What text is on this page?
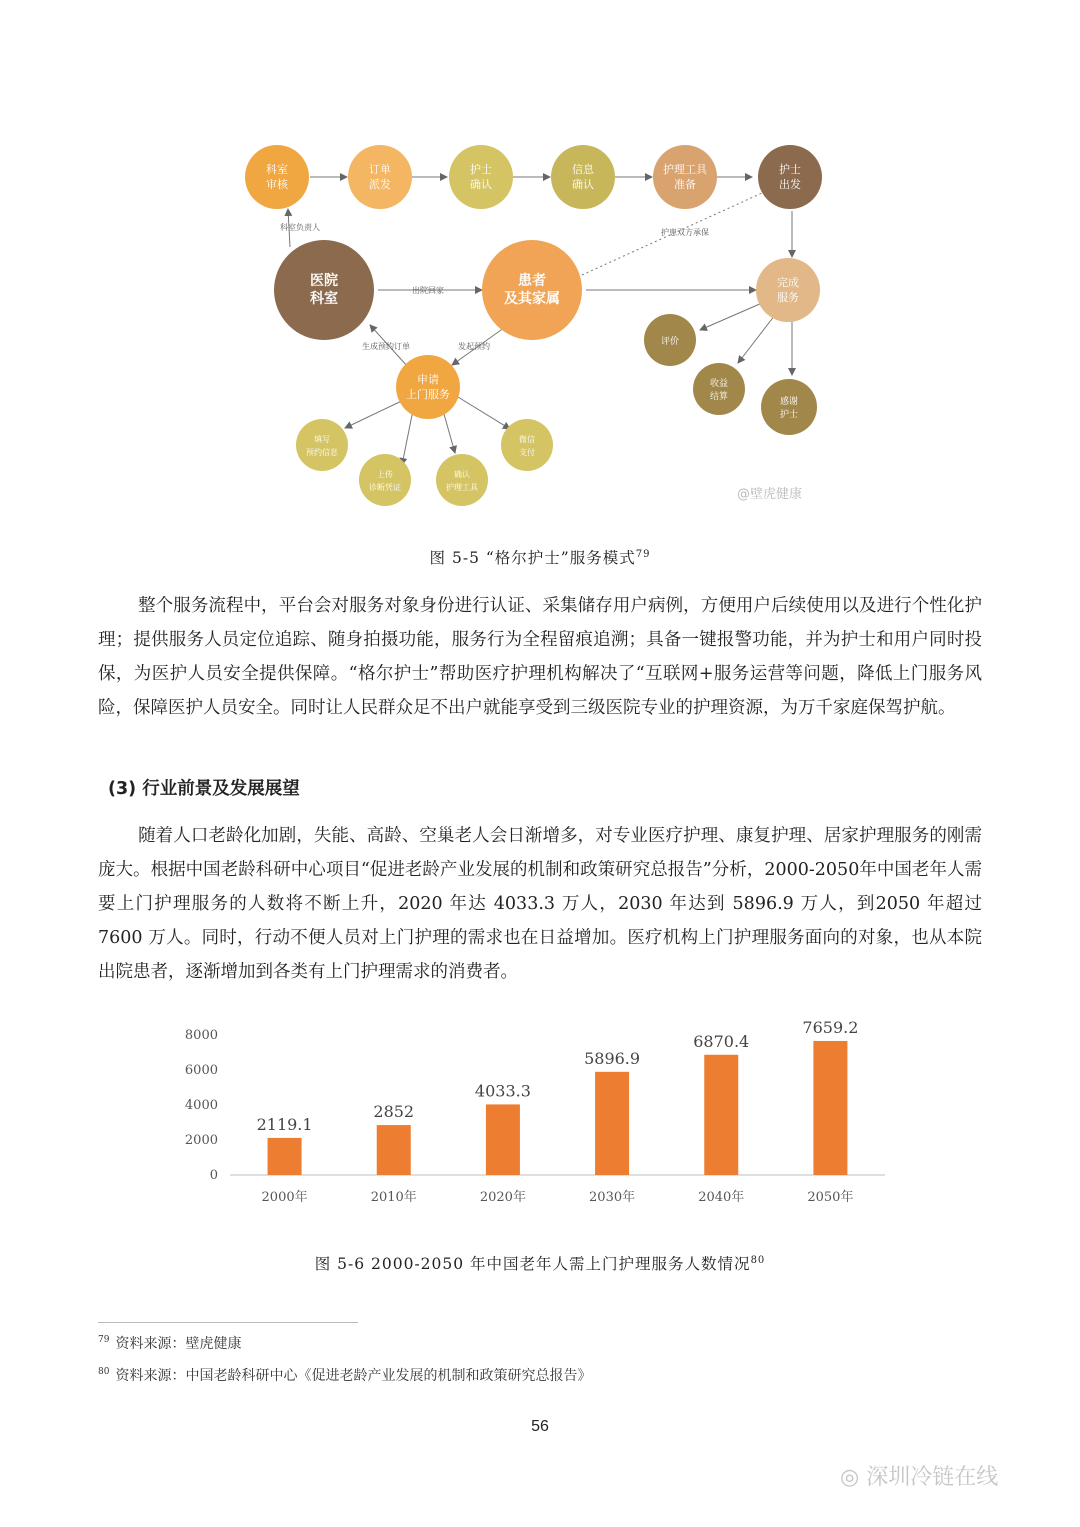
科室
审核
订单
派发
护士
确认
信息
确认
护理工具
准备
护士
出发
医院
科室
患者
及其家属
完成
服务
评价
收益
结算	感谢
护士
申请
上门服务
填写
预约信息
上传
诊断凭证
微信
支付
确认
护理工具
科室负责人
出院回家
护患双方承保
生成预约订单	发起预约
@壁虎健康
图 5-5 “格尔护士”服务模式$^{79}$

整个服务流程中，平台会对服务对象身份进行认证、采集储存用户病例，方便用户后续使用以及进行个性化护理；提供服务人员定位追踪、随身拍摄功能，服务行为全程留痕追溯；具备一键报警功能，并为护士和用户同时投保，为医护人员安全提供保障。“格尔护士”帮助医疗护理机构解决了“互联网+服务运营等问题，降低上门服务风险，保障医护人员安全。同时让人民群众足不出户就能享受到三级医院专业的护理资源，为万千家庭保驾护航。

(3) 行业前景及发展展望

随着人口老龄化加剧，失能、高龄、空巢老人会日渐增多，对专业医疗护理、康复护理、居家护理服务的刚需庞大。根据中国老龄科研中心项目“促进老龄产业发展的机制和政策研究总报告”分析，2000-2050年中国老年人需要上门护理服务的人数将不断上升，2020 年达 4033.3 万人，2030 年达到 5896.9 万人，到2050 年超过 7600 万人。同时，行动不便人员对上门护理的需求也在日益增加。医疗机构上门护理服务面向的对象，也从本院出院患者，逐渐增加到各类有上门护理需求的消费者。

0
2000
4000
6000
8000
2119.1
2000年
2852
2010年
4033.3
2020年
5896.9
2030年
6870.4
2040年
7659.2
2050年
图 5-6 2000-2050 年中国老年人需上门护理服务人数情况$^{80}$
$^{79}$ 资料来源：壁虎健康
$^{80}$ 资料来源：中国老龄科研中心《促进老龄产业发展的机制和政策研究总报告》
56
◎ 深圳冷链在线
